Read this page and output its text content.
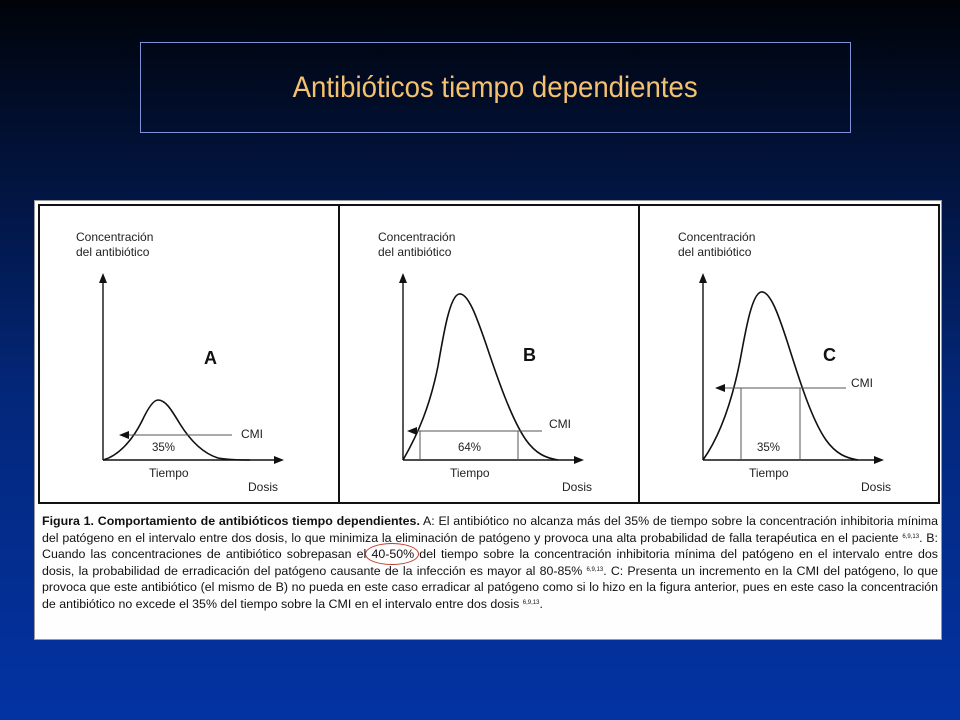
Antibióticos tiempo dependientes
Concentración
del antibiótico
CMI
A
35%
Tiempo
Dosis
Concentración
del antibiótico
CMI
B
64%
Tiempo
Dosis
Concentración
del antibiótico
CMI
C
35%
Tiempo
Dosis
Figura 1. Comportamiento de antibióticos tiempo dependientes. A: El antibiótico no alcanza más del 35% de tiempo sobre la concentración inhibitoria mínima del patógeno en el intervalo entre dos dosis, lo que minimiza la eliminación de patógeno y provoca una alta probabilidad de falla terapéutica en el paciente $^{6,9,13}$. B: Cuando las concentraciones de antibiótico sobrepasan el 40-50%
del tiempo sobre la concentración inhibitoria mínima del patógeno en el intervalo entre dos dosis, la probabilidad de erradicación del patógeno causante de la infección es mayor al 80-85% $^{6,9,13}$. C: Presenta un incremento en la CMI del patógeno, lo que provoca que este antibiótico (el mismo de B) no pueda en este caso erradicar al patógeno como si lo hizo en la figura anterior, pues en este caso la concentración de antibiótico no excede el 35% del tiempo sobre la CMI en el intervalo entre dos dosis $^{6,9,13}$.
